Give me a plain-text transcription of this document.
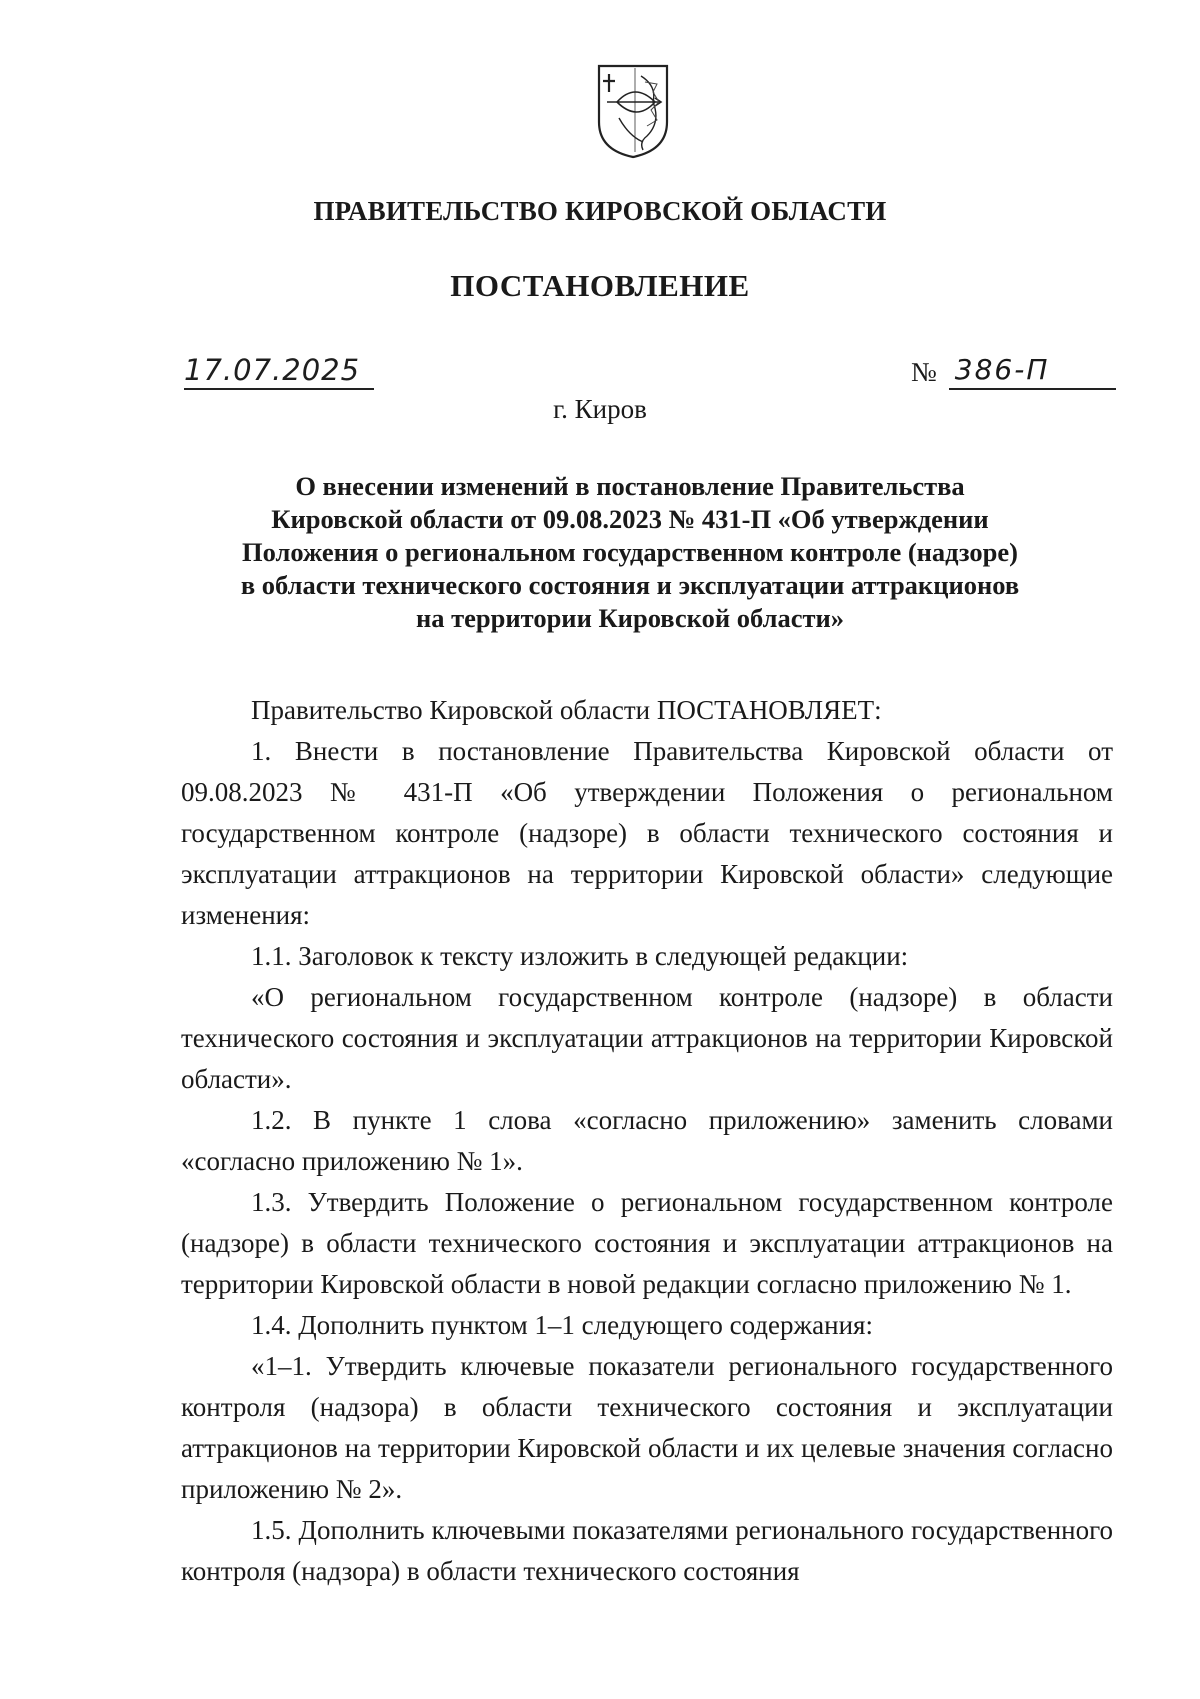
ПРАВИТЕЛЬСТВО КИРОВСКОЙ ОБЛАСТИ
ПОСТАНОВЛЕНИЕ
17.07.2025	№ 386-П
г. Киров
О внесении изменений в постановление Правительства
Кировской области от 09.08.2023 № 431-П «Об утверждении
Положения о региональном государственном контроле (надзоре)
в области технического состояния и эксплуатации аттракционов
на территории Кировской области»

Правительство Кировской области ПОСТАНОВЛЯЕТ:

1. Внести в постановление Правительства Кировской области от 09.08.2023 № 431-П «Об утверждении Положения о региональном государственном контроле (надзоре) в области технического состояния и эксплуатации аттракционов на территории Кировской области» следующие изменения:

1.1. Заголовок к тексту изложить в следующей редакции:

«О региональном государственном контроле (надзоре) в области технического состояния и эксплуатации аттракционов на территории Кировской области».

1.2. В пункте 1 слова «согласно приложению» заменить словами «согласно приложению № 1».

1.3. Утвердить Положение о региональном государственном контроле (надзоре) в области технического состояния и эксплуатации аттракционов на территории Кировской области в новой редакции согласно приложению № 1.

1.4. Дополнить пунктом 1–1 следующего содержания:

«1–1. Утвердить ключевые показатели регионального государственного контроля (надзора) в области технического состояния и эксплуатации аттракционов на территории Кировской области и их целевые значения согласно приложению № 2».

1.5. Дополнить ключевыми показателями регионального государственного контроля (надзора) в области технического состояния
